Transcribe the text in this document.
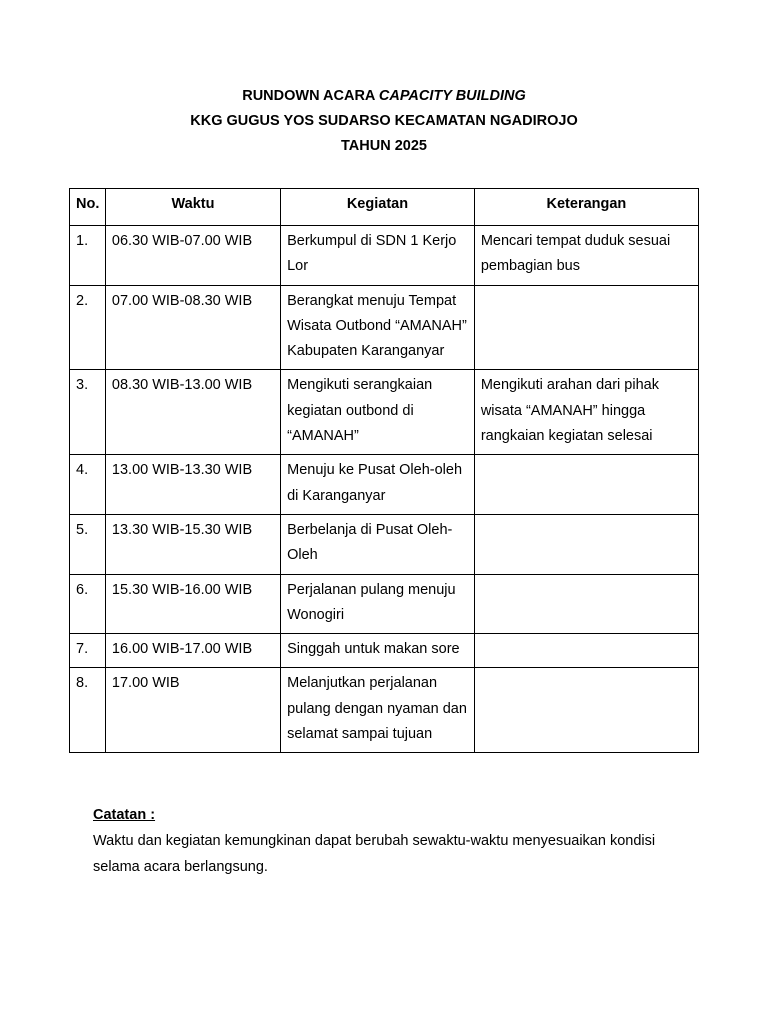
RUNDOWN ACARA CAPACITY BUILDING
KKG GUGUS YOS SUDARSO KECAMATAN NGADIROJO
TAHUN 2025
No.	Waktu	Kegiatan	Keterangan
1.	06.30 WIB-07.00 WIB	Berkumpul di SDN 1 Kerjo Lor	Mencari tempat duduk sesuai pembagian bus
2.	07.00 WIB-08.30 WIB	Berangkat menuju Tempat Wisata Outbond “AMANAH” Kabupaten Karanganyar	
3.	08.30 WIB-13.00 WIB	Mengikuti serangkaian kegiatan outbond di “AMANAH”	Mengikuti arahan dari pihak wisata “AMANAH” hingga rangkaian kegiatan selesai
4.	13.00 WIB-13.30 WIB	Menuju ke Pusat Oleh-oleh di Karanganyar	
5.	13.30 WIB-15.30 WIB	Berbelanja di Pusat Oleh-Oleh	
6.	15.30 WIB-16.00 WIB	Perjalanan pulang menuju Wonogiri	
7.	16.00 WIB-17.00 WIB	Singgah untuk makan sore	
8.	17.00 WIB	Melanjutkan perjalanan pulang dengan nyaman dan selamat sampai tujuan	
Catatan :
Waktu dan kegiatan kemungkinan dapat berubah sewaktu-waktu menyesuaikan kondisi selama acara berlangsung.
